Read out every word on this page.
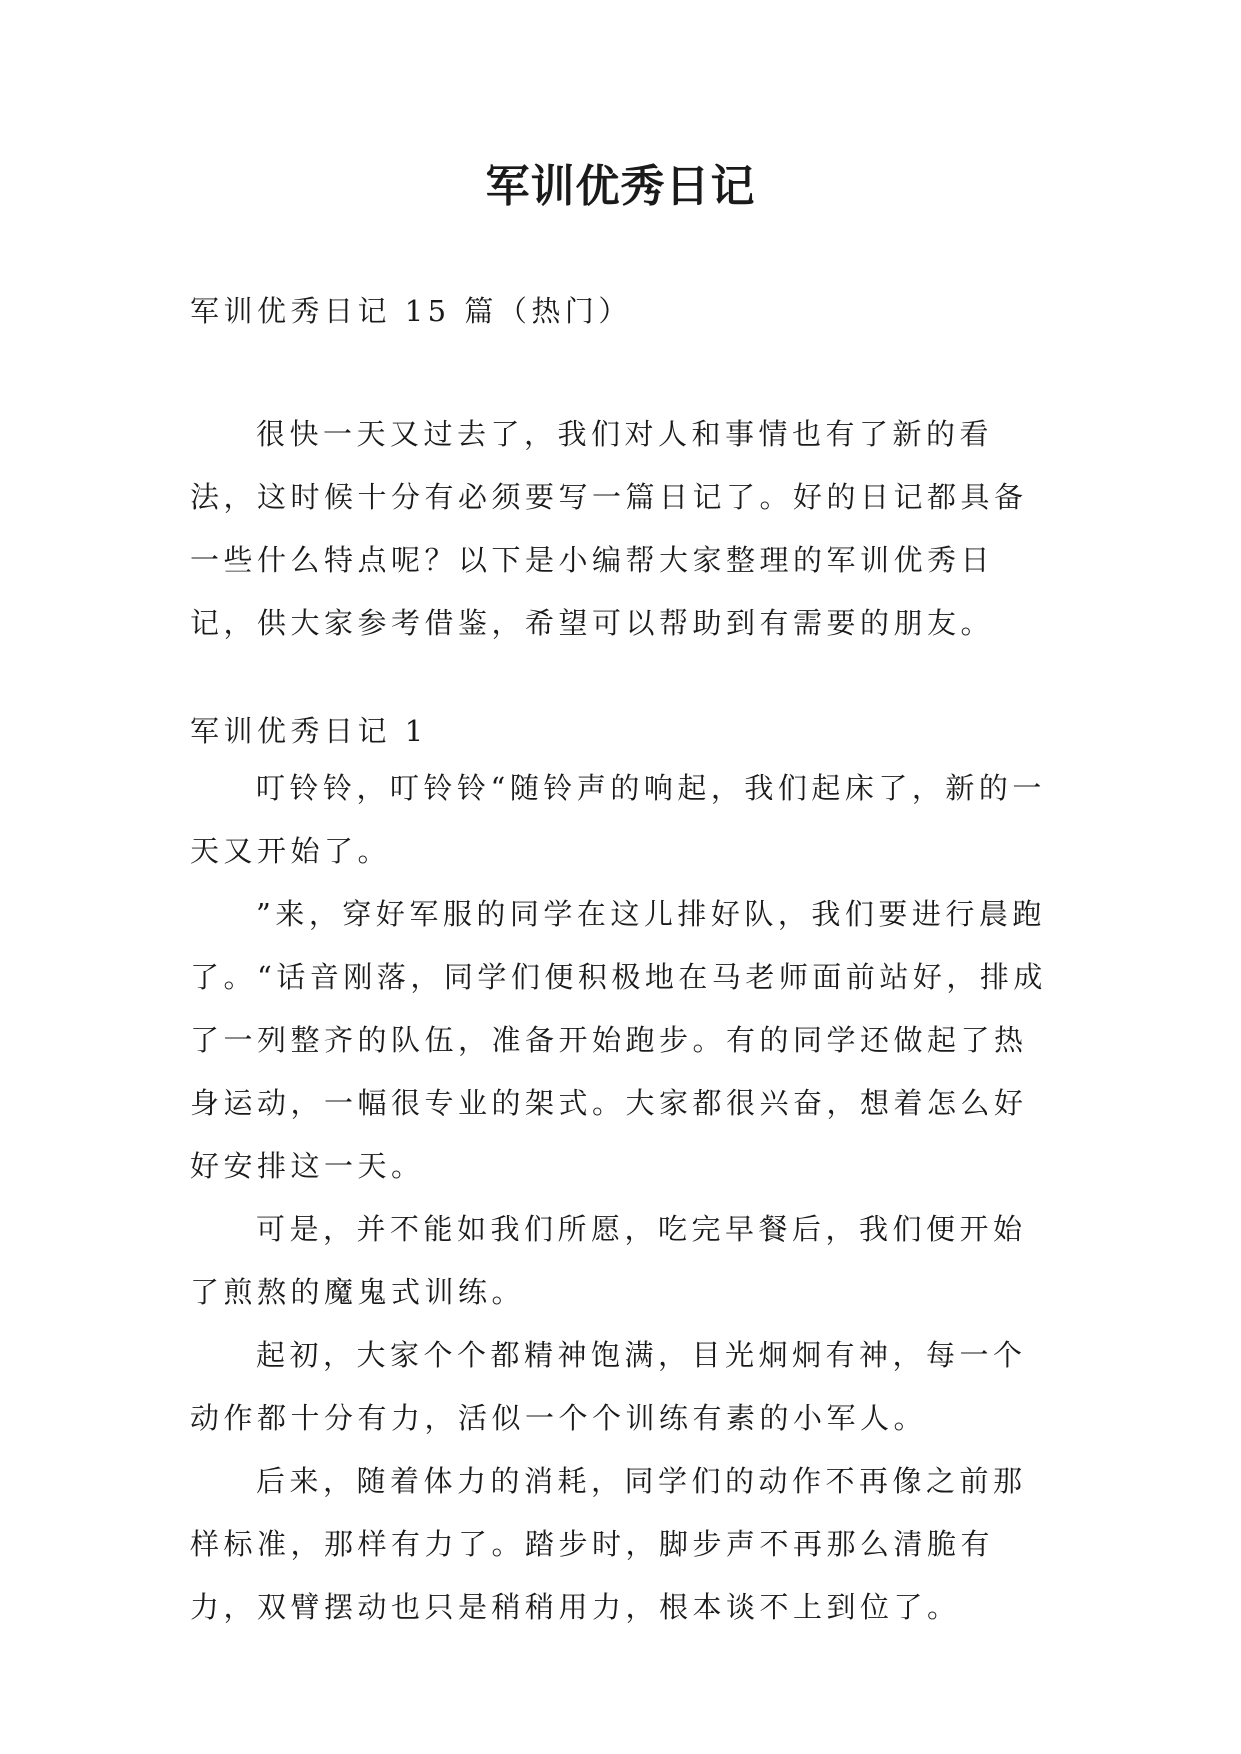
军训优秀日记
军训优秀日记 15 篇（热门）

很快一天又过去了，我们对人和事情也有了新的看法，这时候十分有必须要写一篇日记了。好的日记都具备一些什么特点呢？以下是小编帮大家整理的军训优秀日记，供大家参考借鉴，希望可以帮助到有需要的朋友。

军训优秀日记 1

叮铃铃，叮铃铃“随铃声的响起，我们起床了，新的一天又开始了。

”来，穿好军服的同学在这儿排好队，我们要进行晨跑了。“话音刚落，同学们便积极地在马老师面前站好，排成了一列整齐的队伍，准备开始跑步。有的同学还做起了热身运动，一幅很专业的架式。大家都很兴奋，想着怎么好好安排这一天。

可是，并不能如我们所愿，吃完早餐后，我们便开始了煎熬的魔鬼式训练。

起初，大家个个都精神饱满，目光炯炯有神，每一个动作都十分有力，活似一个个训练有素的小军人。

后来，随着体力的消耗，同学们的动作不再像之前那样标准，那样有力了。踏步时，脚步声不再那么清脆有力，双臂摆动也只是稍稍用力，根本谈不上到位了。
